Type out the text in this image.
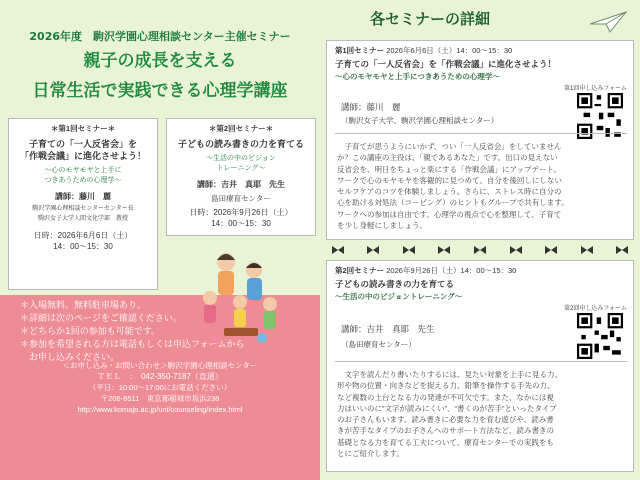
2026年度　駒沢学園心理相談センター主催セミナー
親子の成長を支える
日常生活で実践できる心理学講座
＊第1回セミナー＊
子育ての「一人反省会」を
「作戦会議」に進化させよう！
〜心のモヤモヤと上手に
つきあうための心理学〜
講師：藤川　麗
駒沢学園心理相談センターセンター長
駒沢女子大学人間文化学部　教授
日時：2026年6月6日（土）
14：00〜15：30
＊第2回セミナー＊
子どもの読み書きの力を育てる
〜生活の中のビジョン
トレーニング〜
講師：吉井　真耶　先生
島田療育センター
日時：2026年9月26日（土）
14：00〜15：30
＊入場無料。無料駐車場あり。
＊詳細は次のページをご確認ください。
＊どちらか1回の参加も可能です。
＊参加を希望される方は電話もしくは申込フォームから
　お申し込みください。
＜お申し込み・お問い合わせ＞駒沢学園心理相談センター
ＴＥＬ　：　042-350-7187（直通）
（平日：10:00〜17:00にお電話ください）
〒206-8511　東京都稲城市坂浜238
http://www.komajo.ac.jp/uni/counseling/index.html
各セミナーの詳細
第1回セミナー 2026年6月6日（土）14：00〜15：30
子育ての「一人反省会」を「作戦会議」に進化させよう！
〜心のモヤモヤと上手につきあうための心理学〜
第1回申し込みフォーム
講師：藤川　麗
（駒沢女子大学、駒沢学園心理相談センター）
　子育てが思うようにいかず、つい「一人反省会」をしていません
か？この講座の主役は、「親であるあなた」です。出口の見えない
反省会を、明日をちょっと楽にする「作戦会議」にアップデート。
ワークで心のモヤモヤを客観的に見つめて、自分を後回しにしない
セルフケアのコツを体験しましょう。さらに、ストレス時に自分の
心を助ける対処法（コーピング）のヒントもグループで共有します。
ワークへの参加は自由です。心理学の視点で心を整理して、子育て
を少し身軽にしましょう。
第2回セミナー 2026年9月26日（土）14：00〜15：30
子どもの読み書きの力を育てる
〜生活の中のビジョントレーニング〜
第2回申し込みフォーム
講師：吉井　真耶　先生
（島田療育センター）
　文字を読んだり書いたりするには、見たい対象を上手に見る力、
形や物の位置・向きなどを捉える力、鉛筆を操作する手先の力、
など複数の土台となる力の発達が不可欠です。また、なかには視
力はいいのに“文字が読みにくい”、“書くのが苦手”といったタイプ
のお子さんもいます。読み書きに必要な力を育む遊びや、読み書
きが苦手なタイプのお子さんへのサポート方法など、読み書きの
基礎となる力を育てる工夫について、療育センターでの実践をも
とにご紹介します。
